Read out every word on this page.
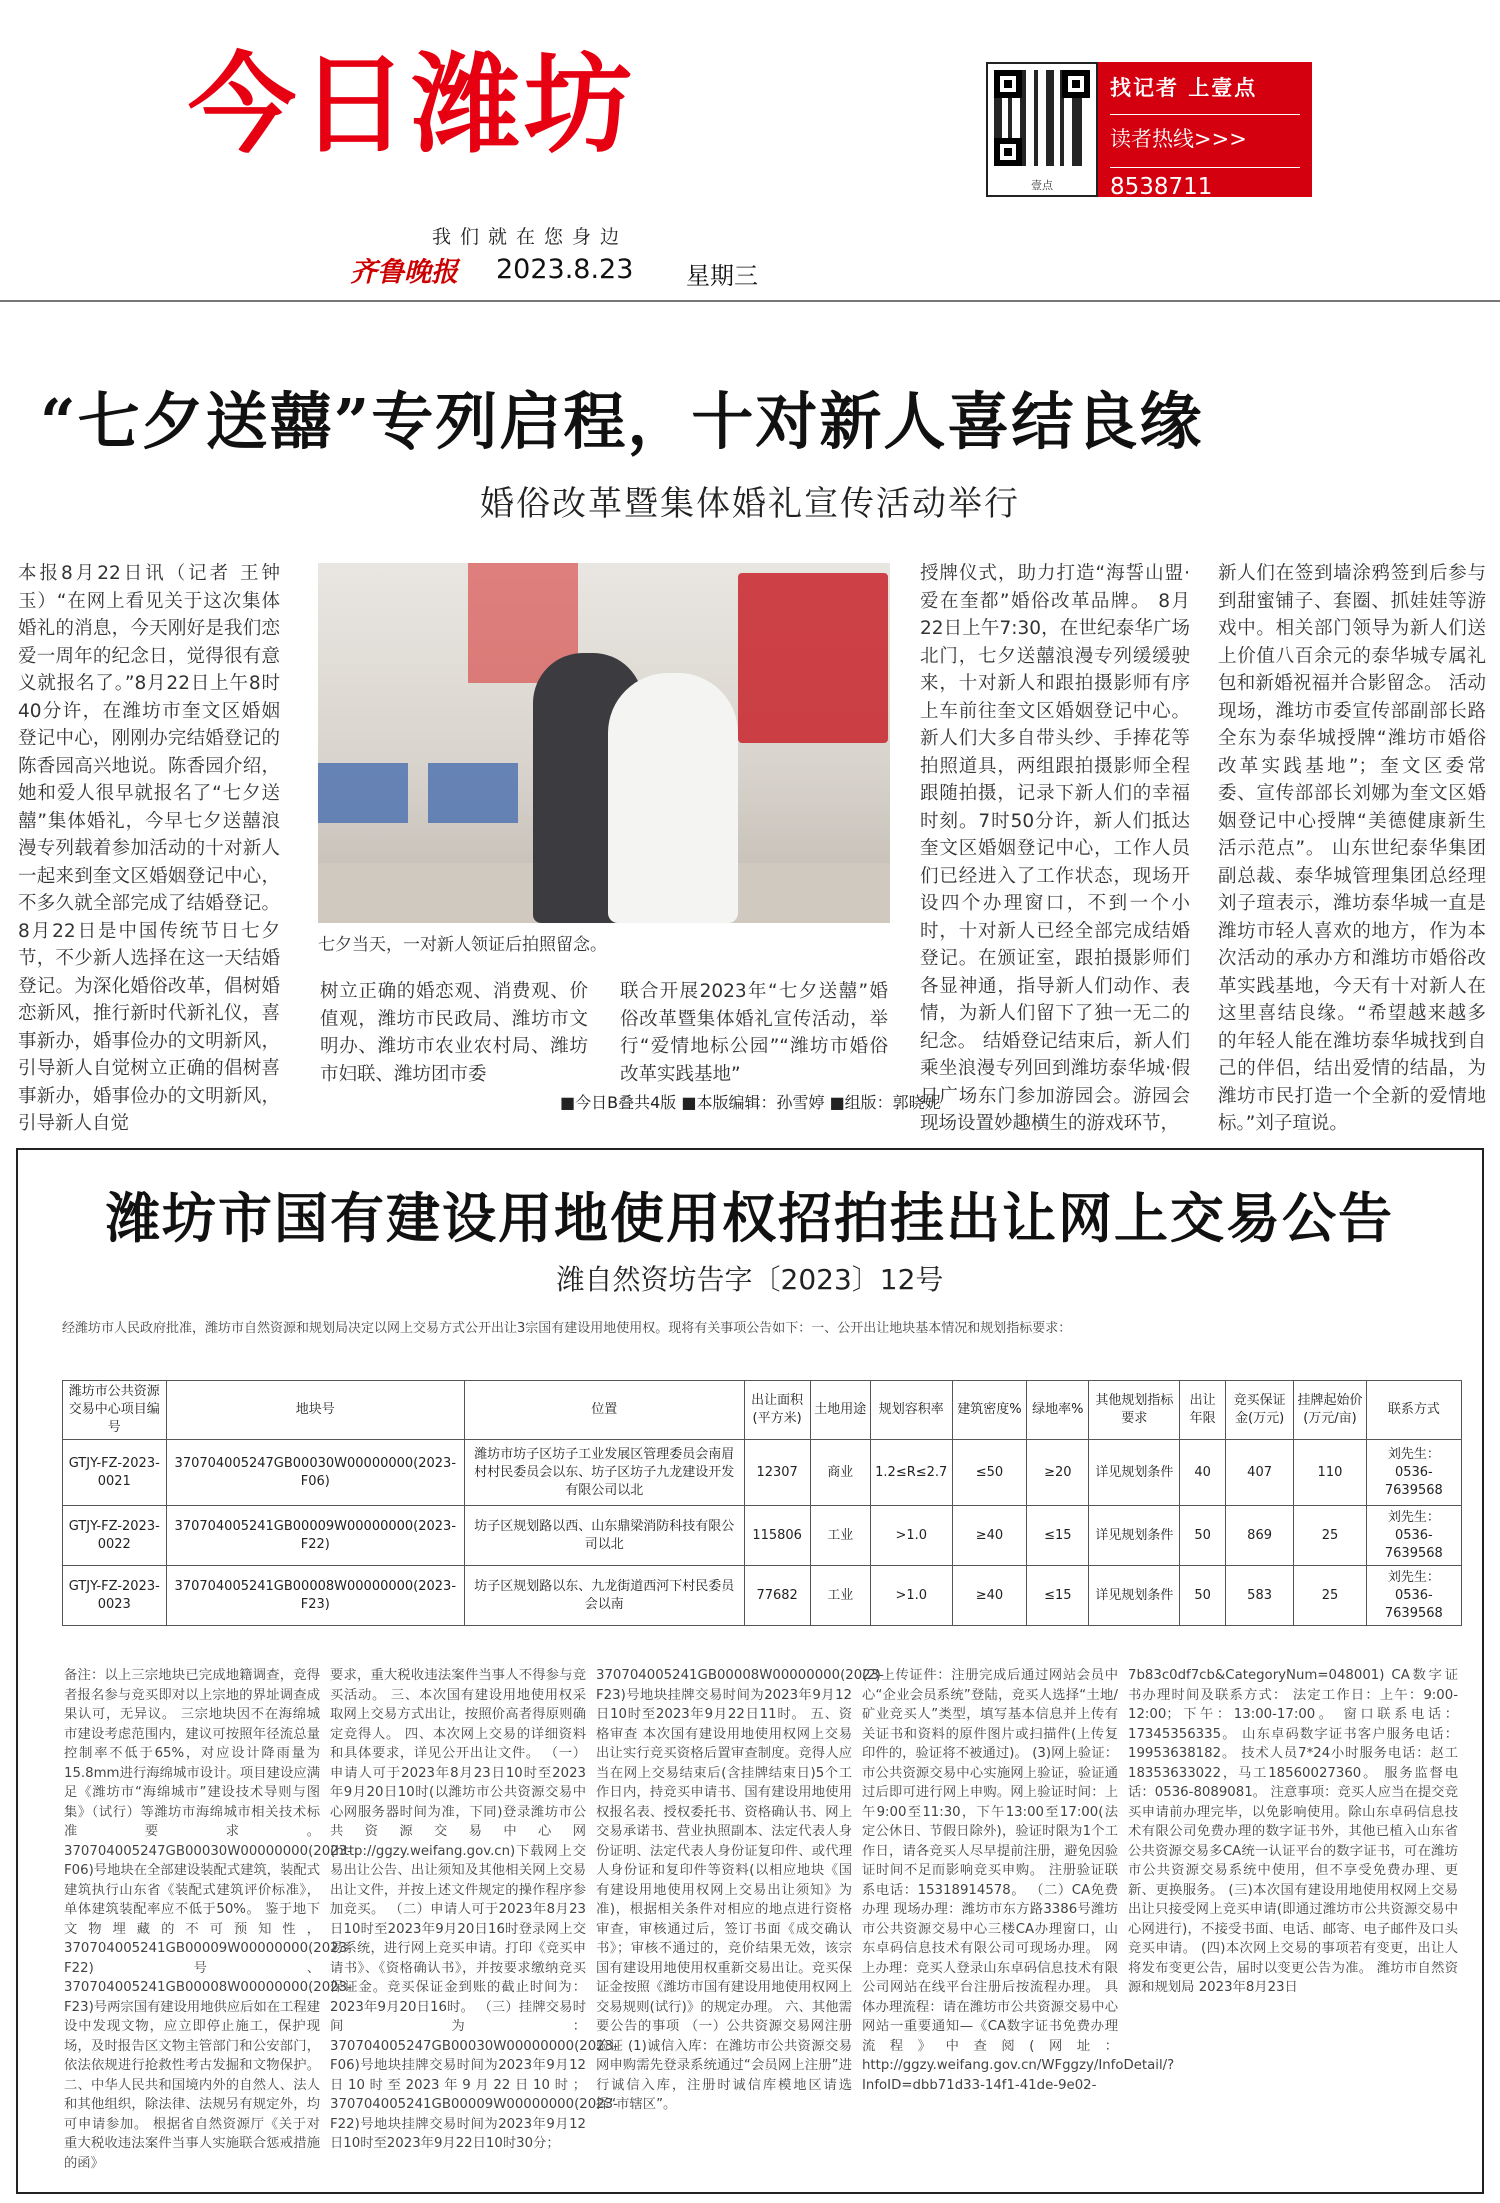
今日潍坊
我们就在您身边
齐鲁晚报 2023.8.23 星期三
壹点
找记者 上壹点
读者热线>>>
8538711
“七夕送囍”专列启程，十对新人喜结良缘
婚俗改革暨集体婚礼宣传活动举行
本报8月22日讯（记者 王钟玉）“在网上看见关于这次集体婚礼的消息，今天刚好是我们恋爱一周年的纪念日，觉得很有意义就报名了。”8月22日上午8时40分许，在潍坊市奎文区婚姻登记中心，刚刚办完结婚登记的陈香园高兴地说。陈香园介绍，她和爱人很早就报名了“七夕送囍”集体婚礼，今早七夕送囍浪漫专列载着参加活动的十对新人一起来到奎文区婚姻登记中心，不多久就全部完成了结婚登记。 8月22日是中国传统节日七夕节，不少新人选择在这一天结婚登记。为深化婚俗改革，倡树婚恋新风，推行新时代新礼仪，喜事新办，婚事俭办的文明新风，引导新人自觉树立正确的倡树喜事新办，婚事俭办的文明新风，引导新人自觉
七夕当天，一对新人领证后拍照留念。
树立正确的婚恋观、消费观、价值观，潍坊市民政局、潍坊市文明办、潍坊市农业农村局、潍坊市妇联、潍坊团市委
联合开展2023年“七夕送囍”婚俗改革暨集体婚礼宣传活动，举行“爱情地标公园”“潍坊市婚俗改革实践基地”
授牌仪式，助力打造“海誓山盟·爱在奎都”婚俗改革品牌。 8月22日上午7:30，在世纪泰华广场北门，七夕送囍浪漫专列缓缓驶来，十对新人和跟拍摄影师有序上车前往奎文区婚姻登记中心。新人们大多自带头纱、手捧花等拍照道具，两组跟拍摄影师全程跟随拍摄，记录下新人们的幸福时刻。7时50分许，新人们抵达奎文区婚姻登记中心，工作人员们已经进入了工作状态，现场开设四个办理窗口，不到一个小时，十对新人已经全部完成结婚登记。在颁证室，跟拍摄影师们各显神通，指导新人们动作、表情，为新人们留下了独一无二的纪念。 结婚登记结束后，新人们乘坐浪漫专列回到潍坊泰华城·假日广场东门参加游园会。游园会现场设置妙趣横生的游戏环节，
新人们在签到墙涂鸦签到后参与到甜蜜铺子、套圈、抓娃娃等游戏中。相关部门领导为新人们送上价值八百余元的泰华城专属礼包和新婚祝福并合影留念。 活动现场，潍坊市委宣传部副部长路全东为泰华城授牌“潍坊市婚俗改革实践基地”；奎文区委常委、宣传部部长刘娜为奎文区婚姻登记中心授牌“美德健康新生活示范点”。 山东世纪泰华集团副总裁、泰华城管理集团总经理刘子瑄表示，潍坊泰华城一直是潍坊市轻人喜欢的地方，作为本次活动的承办方和潍坊市婚俗改革实践基地，今天有十对新人在这里喜结良缘。“希望越来越多的年轻人能在潍坊泰华城找到自己的伴侣，结出爱情的结晶，为潍坊市民打造一个全新的爱情地标。”刘子瑄说。
■今日B叠共4版 ■本版编辑：孙雪婷 ■组版：郭晓妮
潍坊市国有建设用地使用权招拍挂出让网上交易公告
潍自然资坊告字〔2023〕12号
经潍坊市人民政府批准，潍坊市自然资源和规划局决定以网上交易方式公开出让3宗国有建设用地使用权。现将有关事项公告如下：一、公开出让地块基本情况和规划指标要求：
潍坊市公共资源交易中心项目编号	地块号	位置	出让面积(平方米)	土地用途	规划容积率	建筑密度%	绿地率%	其他规划指标要求	出让年限	竞买保证金(万元)	挂牌起始价(万元/亩)	联系方式
GTJY-FZ-2023-0021	370704005247GB00030W00000000(2023-F06)	潍坊市坊子区坊子工业发展区管理委员会南眉村村民委员会以东、坊子区坊子九龙建设开发有限公司以北	12307	商业	1.2≤R≤2.7	≤50	≥20	详见规划条件	40	407	110	刘先生：0536-7639568
GTJY-FZ-2023-0022	370704005241GB00009W00000000(2023-F22)	坊子区规划路以西、山东鼎梁消防科技有限公司以北	115806	工业	>1.0	≥40	≤15	详见规划条件	50	869	25	刘先生：0536-7639568
GTJY-FZ-2023-0023	370704005241GB00008W00000000(2023-F23)	坊子区规划路以东、九龙街道西河下村民委员会以南	77682	工业	>1.0	≥40	≤15	详见规划条件	50	583	25	刘先生：0536-7639568
备注：以上三宗地块已完成地籍调查，竞得者报名参与竞买即对以上宗地的界址调查成果认可，无异议。 三宗地块因不在海绵城市建设考虑范围内，建议可按照年径流总量控制率不低于65%，对应设计降雨量为15.8mm进行海绵城市设计。项目建设应满足《潍坊市“海绵城市”建设技术导则与图集》（试行）等潍坊市海绵城市相关技术标准要求。370704005247GB00030W00000000(2023-F06)号地块在全部建设装配式建筑，装配式建筑执行山东省《装配式建筑评价标准》，单体建筑装配率应不低于50%。 鉴于地下文物埋藏的不可预知性，370704005241GB00009W00000000(2023-F22)号、370704005241GB00008W00000000(2023-F23)号两宗国有建设用地供应后如在工程建设中发现文物，应立即停止施工，保护现场，及时报告区文物主管部门和公安部门，依法依规进行抢救性考古发掘和文物保护。 二、中华人民共和国境内外的自然人、法人和其他组织，除法律、法规另有规定外，均可申请参加。 根据省自然资源厅《关于对重大税收违法案件当事人实施联合惩戒措施的函》
要求，重大税收违法案件当事人不得参与竞买活动。 三、本次国有建设用地使用权采取网上交易方式出让，按照价高者得原则确定竞得人。 四、本次网上交易的详细资料和具体要求，详见公开出让文件。 （一）申请人可于2023年8月23日10时至2023年9月20日10时(以潍坊市公共资源交易中心网服务器时间为准，下同)登录潍坊市公共资源交易中心网(http://ggzy.weifang.gov.cn)下载网上交易出让公告、出让须知及其他相关网上交易出让文件，并按上述文件规定的操作程序参加竞买。 （二）申请人可于2023年8月23日10时至2023年9月20日16时登录网上交易系统，进行网上竞买申请。打印《竞买申请书》、《资格确认书》，并按要求缴纳竞买保证金。竞买保证金到账的截止时间为：2023年9月20日16时。 （三）挂牌交易时间为： 370704005247GB00030W00000000(2023-F06)号地块挂牌交易时间为2023年9月12日10时至2023年9月22日10时； 370704005241GB00009W00000000(2023-F22)号地块挂牌交易时间为2023年9月12日10时至2023年9月22日10时30分；
370704005241GB00008W00000000(2023-F23)号地块挂牌交易时间为2023年9月12日10时至2023年9月22日11时。 五、资格审查 本次国有建设用地使用权网上交易出让实行竞买资格后置审查制度。竞得人应当在网上交易结束后(含挂牌结束日)5个工作日内，持竞买申请书、国有建设用地使用权报名表、授权委托书、资格确认书、网上交易承诺书、营业执照副本、法定代表人身份证明、法定代表人身份证复印件、或代理人身份证和复印件等资料(以相应地块《国有建设用地使用权网上交易出让须知》为准)，根据相关条件对相应的地点进行资格审查，审核通过后，签订书面《成交确认书》；审核不通过的，竞价结果无效，该宗国有建设用地使用权重新交易出让。竞买保证金按照《潍坊市国有建设用地使用权网上交易规则(试行)》的规定办理。 六、其他需要公告的事项 （一）公共资源交易网注册验证 (1)诚信入库：在潍坊市公共资源交易网申购需先登录系统通过“会员网上注册”进行诚信入库，注册时诚信库模地区请选择“市辖区”。
(2)上传证件：注册完成后通过网站会员中心“企业会员系统”登陆，竞买人选择“土地/矿业竞买人”类型，填写基本信息并上传有关证书和资料的原件图片或扫描件(上传复印件的，验证将不被通过)。 (3)网上验证：市公共资源交易中心实施网上验证，验证通过后即可进行网上申购。网上验证时间：上午9:00至11:30，下午13:00至17:00(法定公休日、节假日除外)，验证时限为1个工作日，请各竞买人尽早提前注册，避免因验证时间不足而影响竞买申购。 注册验证联系电话：15318914578。 （二）CA免费办理 现场办理：潍坊市东方路3386号潍坊市公共资源交易中心三楼CA办理窗口，山东卓码信息技术有限公司可现场办理。 网上办理：竞买人登录山东卓码信息技术有限公司网站在线平台注册后按流程办理。 具体办理流程：请在潍坊市公共资源交易中心网站一重要通知—《CA数字证书免费办理流程》中查阅(网址：http://ggzy.weifang.gov.cn/WFggzy/InfoDetail/?InfoID=dbb71d33-14f1-41de-9e02-
7b83c0df7cb&CategoryNum=048001) CA数字证书办理时间及联系方式： 法定工作日：上午：9:00-12:00；下午：13:00-17:00。 窗口联系电话：17345356335。 山东卓码数字证书客户服务电话：19953638182。 技术人员7*24小时服务电话：赵工18353633022，马工18560027360。 服务监督电话：0536-8089081。 注意事项：竞买人应当在提交竞买申请前办理完毕，以免影响使用。除山东卓码信息技术有限公司免费办理的数字证书外，其他已植入山东省公共资源交易多CA统一认证平台的数字证书，可在潍坊市公共资源交易系统中使用，但不享受免费办理、更新、更换服务。 (三)本次国有建设用地使用权网上交易出让只接受网上竞买申请(即通过潍坊市公共资源交易中心网进行)，不接受书面、电话、邮寄、电子邮件及口头竞买申请。 (四)本次网上交易的事项若有变更，出让人将发布变更公告，届时以变更公告为准。 潍坊市自然资源和规划局 2023年8月23日
